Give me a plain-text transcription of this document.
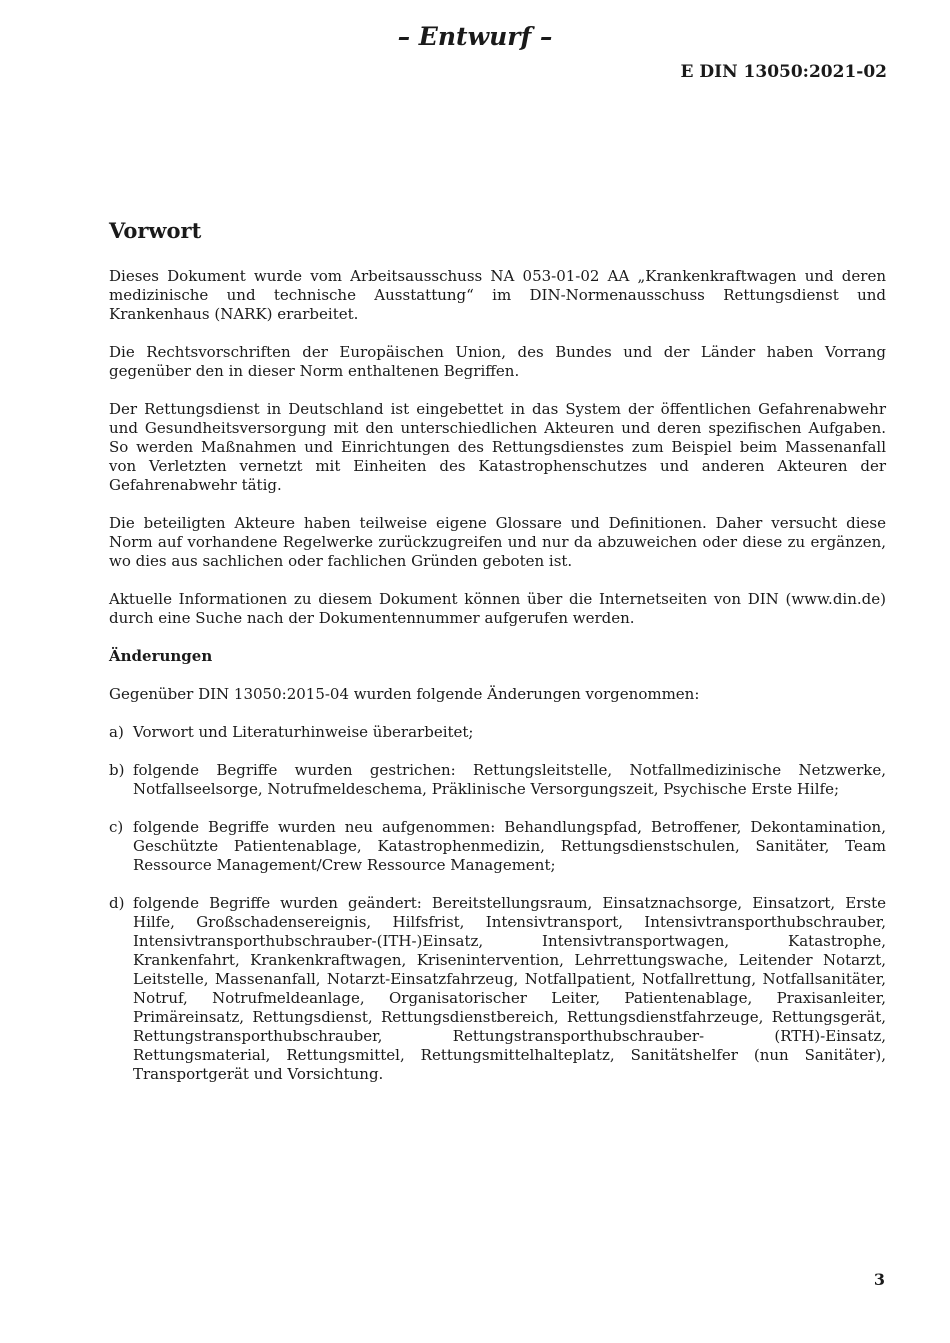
– Entwurf –
E DIN 13050:2021-02
Vorwort

Dieses Dokument wurde vom Arbeitsausschuss NA 053-01-02 AA „Krankenkraftwagen und deren medizinische und technische Ausstattung“ im DIN-Normenausschuss Rettungsdienst und Krankenhaus (NARK) erarbeitet.

Die Rechtsvorschriften der Europäischen Union, des Bundes und der Länder haben Vorrang gegenüber den in dieser Norm enthaltenen Begriffen.

Der Rettungsdienst in Deutschland ist eingebettet in das System der öffentlichen Gefahrenabwehr und Gesundheitsversorgung mit den unterschiedlichen Akteuren und deren spezifischen Aufgaben. So werden Maßnahmen und Einrichtungen des Rettungsdienstes zum Beispiel beim Massenanfall von Verletzten vernetzt mit Einheiten des Katastrophenschutzes und anderen Akteuren der Gefahrenabwehr tätig.

Die beteiligten Akteure haben teilweise eigene Glossare und Definitionen. Daher versucht diese Norm auf vorhandene Regelwerke zurückzugreifen und nur da abzuweichen oder diese zu ergänzen, wo dies aus sachlichen oder fachlichen Gründen geboten ist.

Aktuelle Informationen zu diesem Dokument können über die Internetseiten von DIN (www.din.de) durch eine Suche nach der Dokumentennummer aufgerufen werden.

Änderungen

Gegenüber DIN 13050:2015-04 wurden folgende Änderungen vorgenommen:

a) Vorwort und Literaturhinweise überarbeitet;
b) folgende Begriffe wurden gestrichen: Rettungsleitstelle, Notfallmedizinische Netzwerke, Notfallseelsorge, Notrufmeldeschema, Präklinische Versorgungszeit, Psychische Erste Hilfe;
c) folgende Begriffe wurden neu aufgenommen: Behandlungspfad, Betroffener, Dekontamination, Geschützte Patientenablage, Katastrophenmedizin, Rettungsdienstschulen, Sanitäter, Team Ressource Management/Crew Ressource Management;
d) folgende Begriffe wurden geändert: Bereitstellungsraum, Einsatznachsorge, Einsatzort, Erste Hilfe, Großschadensereignis, Hilfsfrist, Intensivtransport, Intensivtransporthubschrauber, Intensivtransporthubschrauber-(ITH-)Einsatz, Intensivtransportwagen, Katastrophe, Krankenfahrt, Krankenkraftwagen, Krisenintervention, Lehrrettungswache, Leitender Notarzt, Leitstelle, Massenanfall, Notarzt-Einsatzfahrzeug, Notfallpatient, Notfallrettung, Notfallsanitäter, Notruf, Notrufmeldeanlage, Organisatorischer Leiter, Patientenablage, Praxisanleiter, Primäreinsatz, Rettungsdienst, Rettungsdienstbereich, Rettungsdienstfahrzeuge, Rettungsgerät, Rettungstransporthubschrauber, Rettungstransporthubschrauber- (RTH)-Einsatz, Rettungsmaterial, Rettungsmittel, Rettungsmittelhalteplatz, Sanitätshelfer (nun Sanitäter), Transportgerät und Vorsichtung.
3
